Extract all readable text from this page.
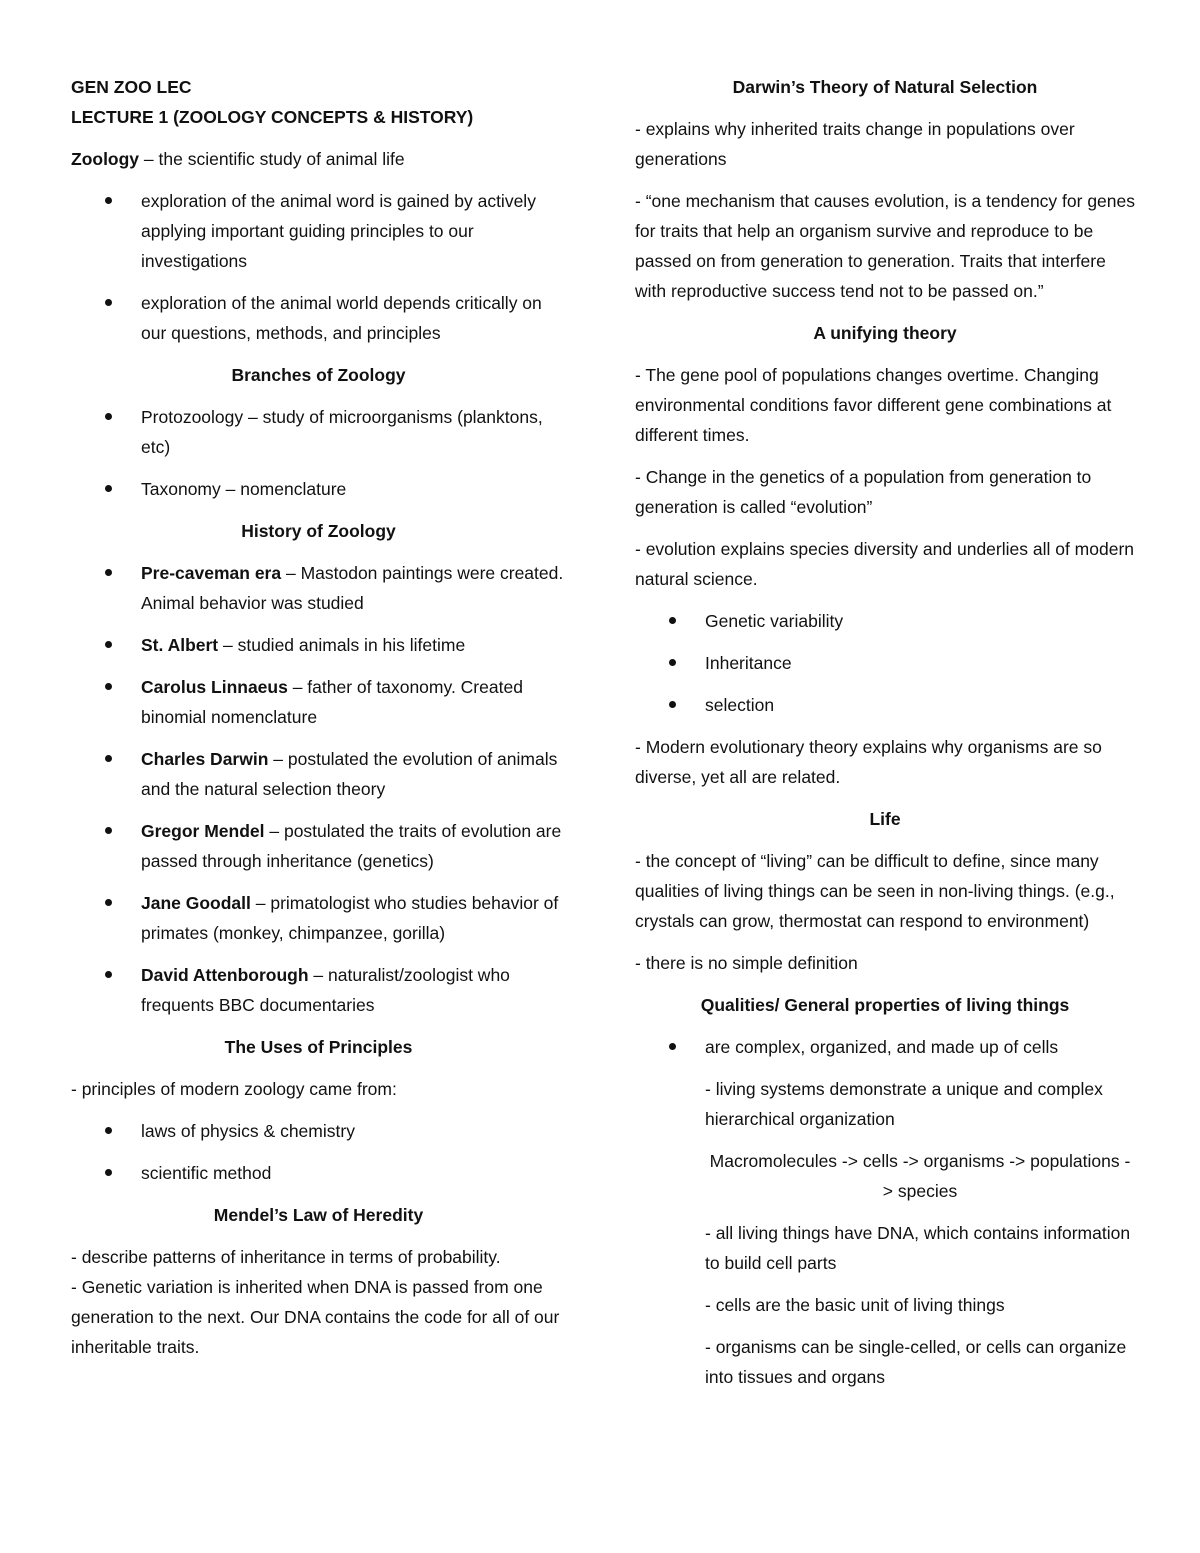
GEN ZOO LEC

LECTURE 1 (ZOOLOGY CONCEPTS & HISTORY)

Zoology – the scientific study of animal life

exploration of the animal word is gained by actively applying important guiding principles to our investigations
exploration of the animal world depends critically on our questions, methods, and principles

Branches of Zoology

Protozoology – study of microorganisms (planktons, etc)
Taxonomy – nomenclature

History of Zoology

Pre-caveman era – Mastodon paintings were created. Animal behavior was studied
St. Albert – studied animals in his lifetime
Carolus Linnaeus – father of taxonomy. Created binomial nomenclature
Charles Darwin – postulated the evolution of animals and the natural selection theory
Gregor Mendel – postulated the traits of evolution are passed through inheritance (genetics)
Jane Goodall – primatologist who studies behavior of primates (monkey, chimpanzee, gorilla)
David Attenborough – naturalist/zoologist who frequents BBC documentaries

The Uses of Principles

- principles of modern zoology came from:

laws of physics & chemistry
scientific method

Mendel’s Law of Heredity

- describe patterns of inheritance in terms of probability.

- Genetic variation is inherited when DNA is passed from one generation to the next. Our DNA contains the code for all of our inheritable traits.

Darwin’s Theory of Natural Selection

- explains why inherited traits change in populations over generations

- “one mechanism that causes evolution, is a tendency for genes for traits that help an organism survive and reproduce to be passed on from generation to generation. Traits that interfere with reproductive success tend not to be passed on.”

A unifying theory

- The gene pool of populations changes overtime. Changing environmental conditions favor different gene combinations at different times.

- Change in the genetics of a population from generation to generation is called “evolution”

- evolution explains species diversity and underlies all of modern natural science.

Genetic variability
Inheritance
selection

- Modern evolutionary theory explains why organisms are so diverse, yet all are related.

Life

- the concept of “living” can be difficult to define, since many qualities of living things can be seen in non-living things. (e.g., crystals can grow, thermostat can respond to environment)

- there is no simple definition

Qualities/ General properties of living things

are complex, organized, and made up of cells

- living systems demonstrate a unique and complex hierarchical organization

Macromolecules -> cells -> organisms -> populations -> species

- all living things have DNA, which contains information to build cell parts

- cells are the basic unit of living things

- organisms can be single-celled, or cells can organize into tissues and organs
